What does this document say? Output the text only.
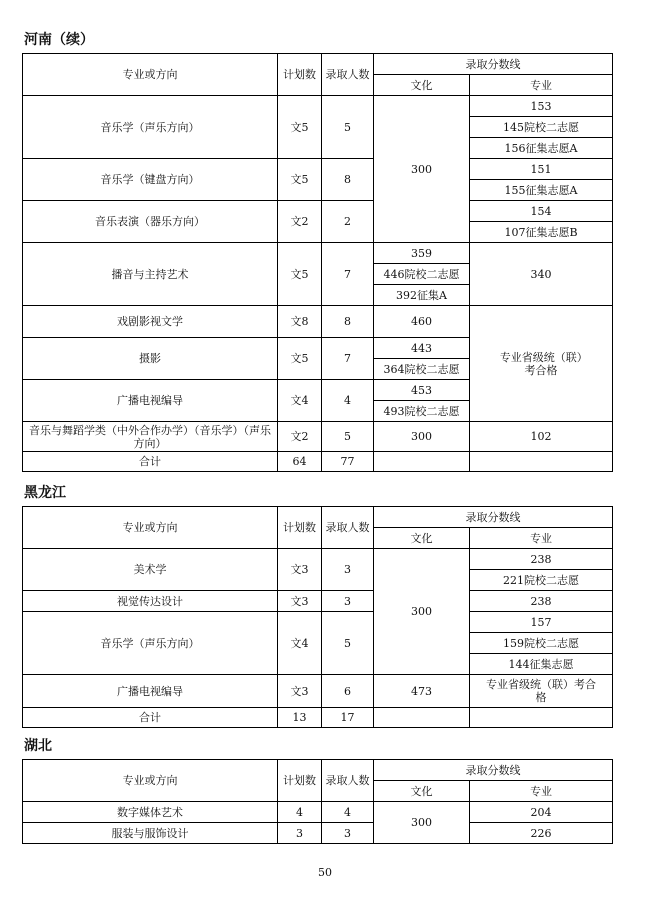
河南（续）
专业或方向	计划数	录取人数	录取分数线	
			文化	专业
音乐学（声乐方向）	文5	5	300	153
				145院校二志愿
				156征集志愿A
音乐学（键盘方向）	文5	8		151
				155征集志愿A
音乐表演（器乐方向）	文2	2		154
				107征集志愿B
播音与主持艺术	文5	7	359	340
			446院校二志愿	
			392征集A	
戏剧影视文学	文8	8	460	专业省级统（联）考合格
摄影	文5	7	443	
			364院校二志愿	
广播电视编导	文4	4	453	
			493院校二志愿	
音乐与舞蹈学类（中外合作办学）（音乐学）（声乐方向）	文2	5	300	102
合计	64	77		
黑龙江
专业或方向	计划数	录取人数	录取分数线	
			文化	专业
美术学	文3	3	300	238
				221院校二志愿
视觉传达设计	文3	3		238
音乐学（声乐方向）	文4	5		157
				159院校二志愿
				144征集志愿
广播电视编导	文3	6	473	专业省级统（联）考合格
合计	13	17		
湖北
专业或方向	计划数	录取人数	录取分数线	
			文化	专业
数字媒体艺术	4	4	300	204
服装与服饰设计	3	3		226
50
